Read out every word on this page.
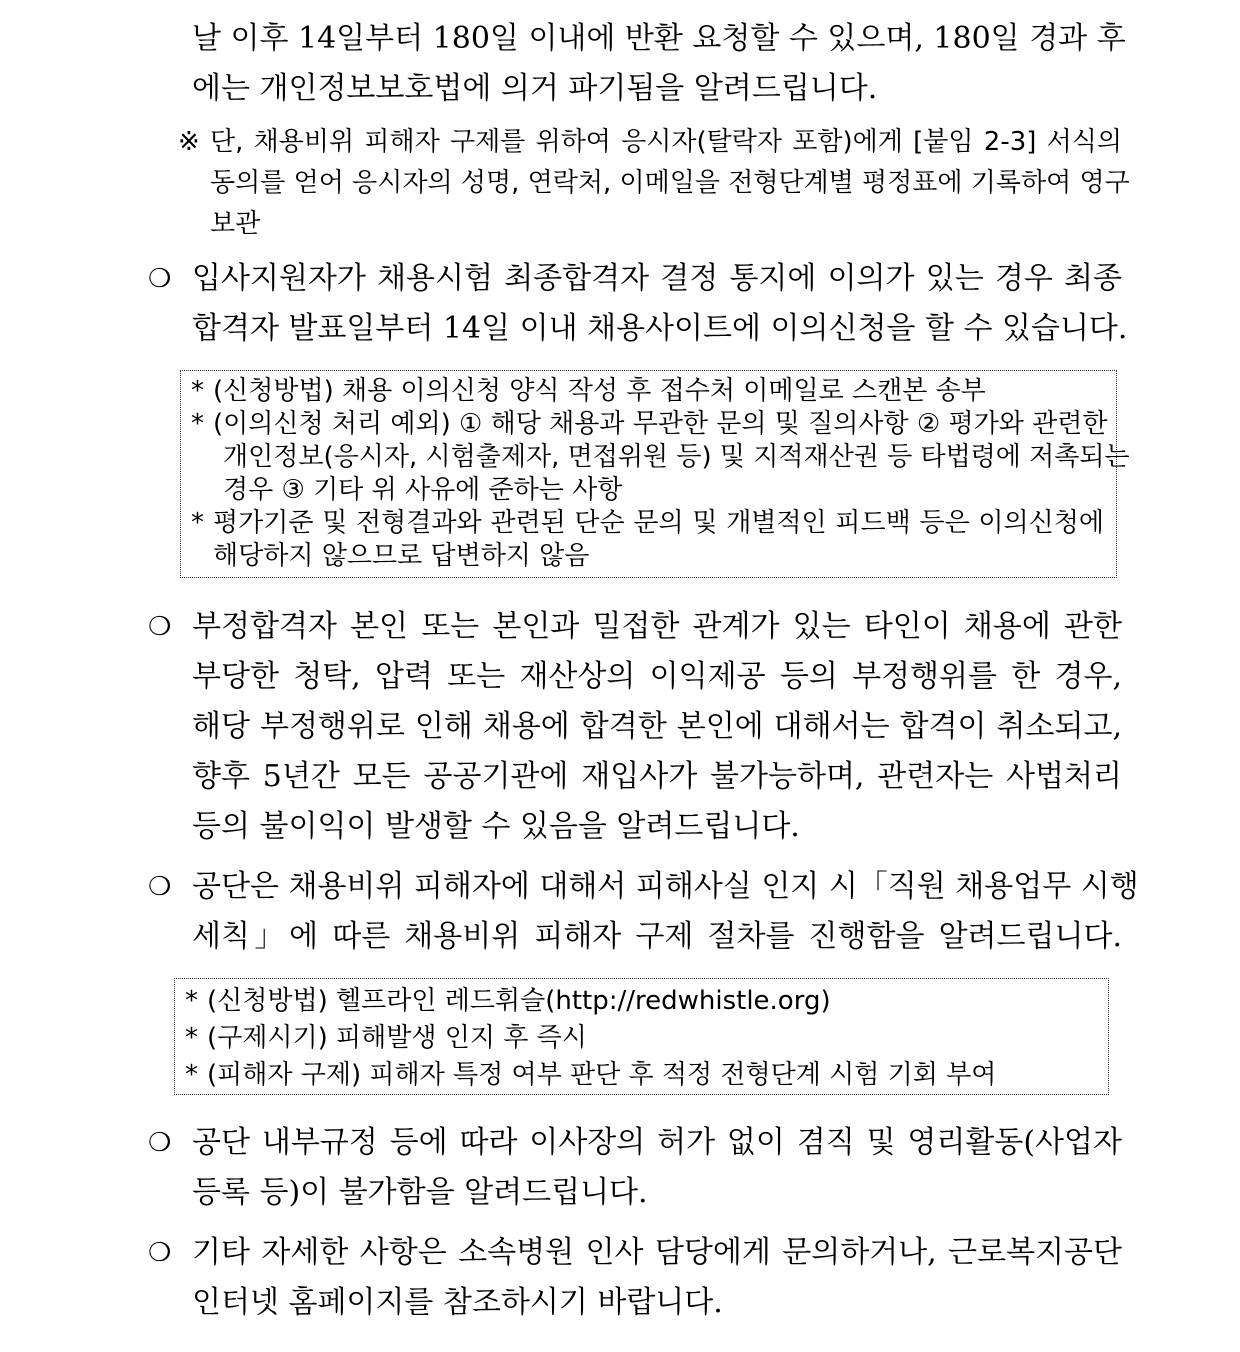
날 이후 14일부터 180일 이내에 반환 요청할 수 있으며, 180일 경과 후
에는 개인정보보호법에 의거 파기됨을 알려드립니다.
※ 단, 채용비위 피해자 구제를 위하여 응시자(탈락자 포함)에게 [붙임 2-3] 서식의
동의를 얻어 응시자의 성명, 연락처, 이메일을 전형단계별 평정표에 기록하여 영구
보관
❍ 입사지원자가 채용시험 최종합격자 결정 통지에 이의가 있는 경우 최종
합격자 발표일부터 14일 이내 채용사이트에 이의신청을 할 수 있습니다.
* (신청방법) 채용 이의신청 양식 작성 후 접수처 이메일로 스캔본 송부
* (이의신청 처리 예외) ① 해당 채용과 무관한 문의 및 질의사항 ② 평가와 관련한
개인정보(응시자, 시험출제자, 면접위원 등) 및 지적재산권 등 타법령에 저촉되는
경우 ③ 기타 위 사유에 준하는 사항
* 평가기준 및 전형결과와 관련된 단순 문의 및 개별적인 피드백 등은 이의신청에
해당하지 않으므로 답변하지 않음
❍ 부정합격자 본인 또는 본인과 밀접한 관계가 있는 타인이 채용에 관한
부당한 청탁, 압력 또는 재산상의 이익제공 등의 부정행위를 한 경우,
해당 부정행위로 인해 채용에 합격한 본인에 대해서는 합격이 취소되고,
향후 5년간 모든 공공기관에 재입사가 불가능하며, 관련자는 사법처리
등의 불이익이 발생할 수 있음을 알려드립니다.
❍ 공단은 채용비위 피해자에 대해서 피해사실 인지 시「직원 채용업무 시행
세칙」에 따른 채용비위 피해자 구제 절차를 진행함을 알려드립니다.
* (신청방법) 헬프라인 레드휘슬(http://redwhistle.org)
* (구제시기) 피해발생 인지 후 즉시
* (피해자 구제) 피해자 특정 여부 판단 후 적정 전형단계 시험 기회 부여
❍ 공단 내부규정 등에 따라 이사장의 허가 없이 겸직 및 영리활동(사업자
등록 등)이 불가함을 알려드립니다.
❍ 기타 자세한 사항은 소속병원 인사 담당에게 문의하거나, 근로복지공단
인터넷 홈페이지를 참조하시기 바랍니다.
